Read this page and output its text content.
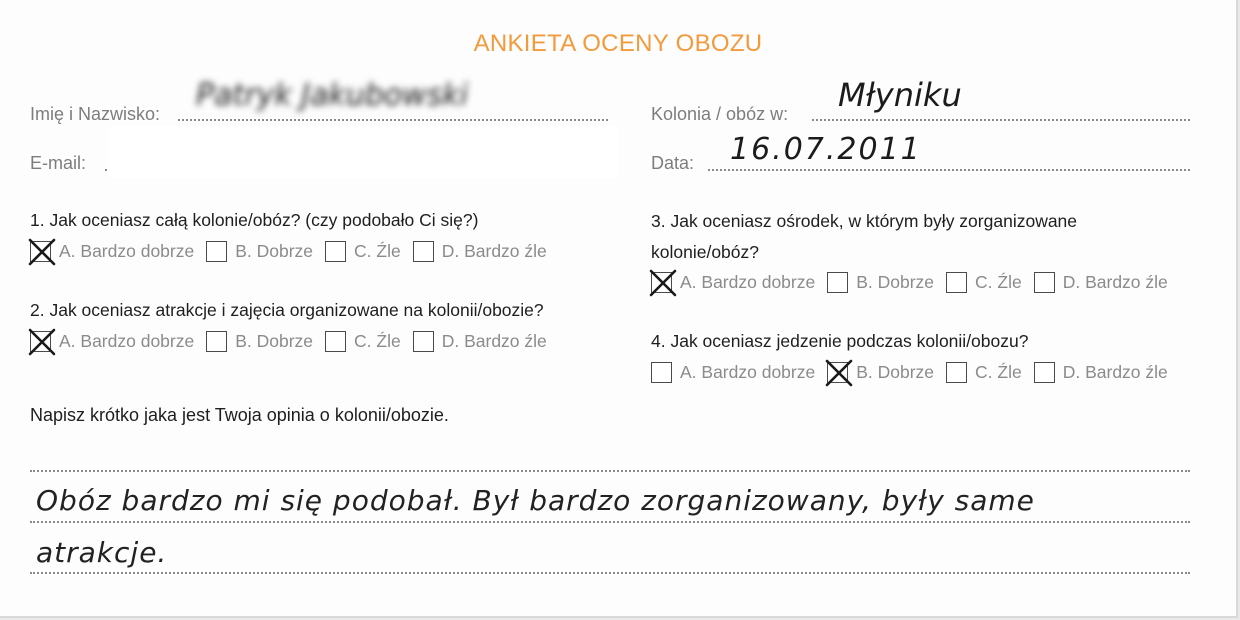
ANKIETA OCENY OBOZU
Imię i Nazwisko:
Patryk Jakubowski
E-mail:
Kolonia / obóz w: Młyniku
Data: 16.07.2011
1. Jak oceniasz całą kolonie/obóz? (czy podobało Ci się?)
A. Bardzo dobrze B. Dobrze C. Źle D. Bardzo źle
2. Jak oceniasz atrakcje i zajęcia organizowane na kolonii/obozie?
A. Bardzo dobrze B. Dobrze C. Źle D. Bardzo źle
3. Jak oceniasz ośrodek, w którym były zorganizowane kolonie/obóz?
A. Bardzo dobrze B. Dobrze C. Źle D. Bardzo źle
4. Jak oceniasz jedzenie podczas kolonii/obozu?
A. Bardzo dobrze B. Dobrze C. Źle D. Bardzo źle
Napisz krótko jaka jest Twoja opinia o kolonii/obozie.
Obóz bardzo mi się podobał. Był bardzo zorganizowany, były same
atrakcje.
